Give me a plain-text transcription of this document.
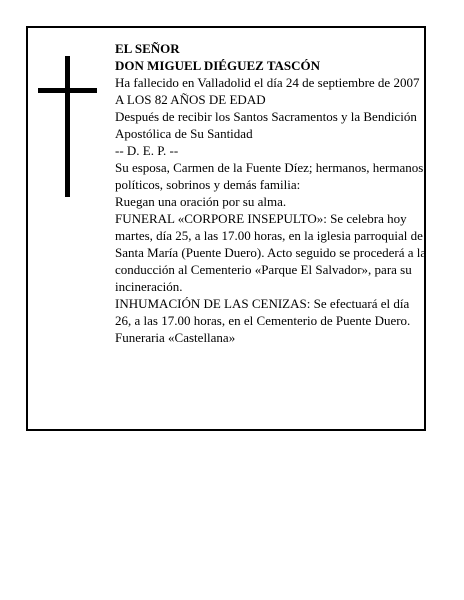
EL SEÑOR

DON MIGUEL DIÉGUEZ TASCÓN

Ha fallecido en Valladolid el día 24 de septiembre de 2007

A LOS 82 AÑOS DE EDAD

Después de recibir los Santos Sacramentos y la Bendición Apostólica de Su Santidad

-- D. E. P. --

Su esposa, Carmen de la Fuente Díez; hermanos, hermanos políticos, sobrinos y demás familia:

Ruegan una oración por su alma.

FUNERAL «CORPORE INSEPULTO»: Se celebra hoy martes, día 25, a las 17.00 horas, en la iglesia parroquial de Santa María (Puente Duero). Acto seguido se procederá a la conducción al Cementerio «Parque El Salvador», para su incineración.

INHUMACIÓN DE LAS CENIZAS: Se efectuará el día 26, a las 17.00 horas, en el Cementerio de Puente Duero.

Funeraria «Castellana»
